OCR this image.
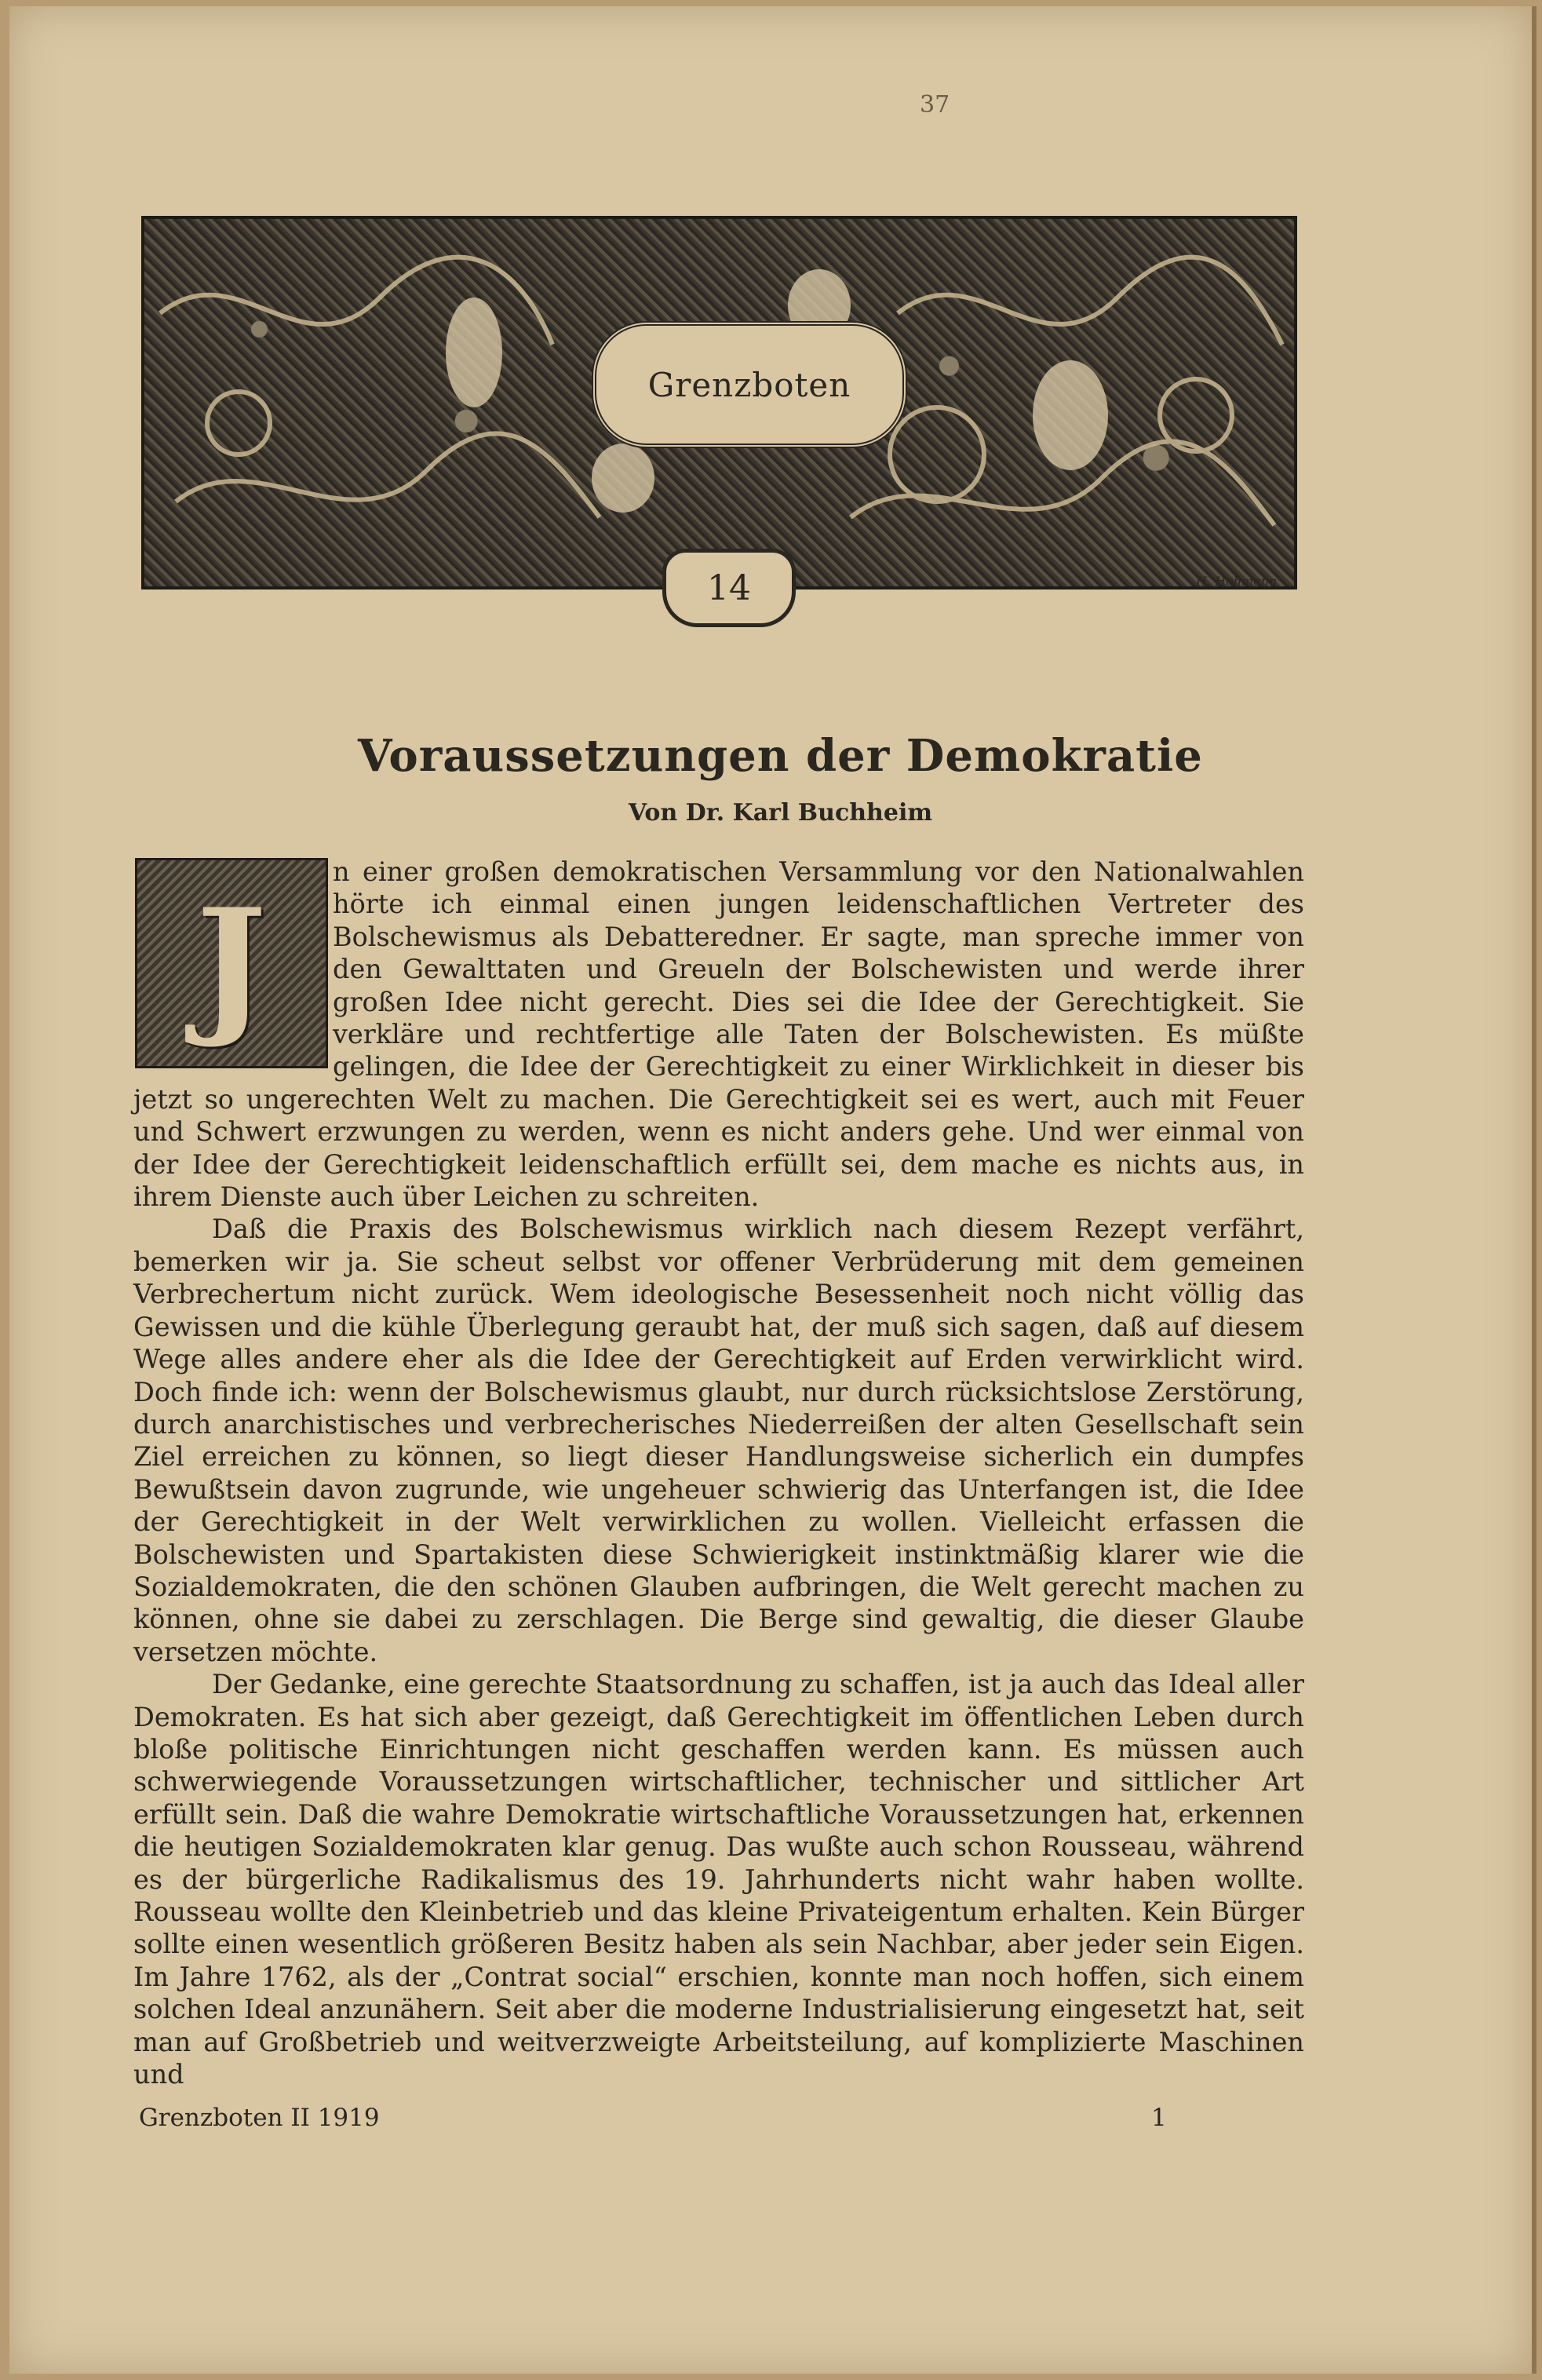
37
Grenzboten
14	H. Hohmann
Voraussetzungen der Demokratie
Von Dr. Karl Buchheim
J

n einer großen demokratischen Versammlung vor den Nationalwahlen hörte ich einmal einen jungen leidenschaftlichen Vertreter des Bolschewismus als Debatteredner. Er sagte, man spreche immer von den Gewalttaten und Greueln der Bolschewisten und werde ihrer großen Idee nicht gerecht. Dies sei die Idee der Gerechtigkeit. Sie verkläre und rechtfertige alle Taten der Bolschewisten. Es müßte gelingen, die Idee der Gerechtigkeit zu einer Wirklichkeit in dieser bis jetzt so ungerechten Welt zu machen. Die Gerechtigkeit sei es wert, auch mit Feuer und Schwert erzwungen zu werden, wenn es nicht anders gehe. Und wer einmal von der Idee der Gerechtigkeit leidenschaftlich erfüllt sei, dem mache es nichts aus, in ihrem Dienste auch über Leichen zu schreiten.

Daß die Praxis des Bolschewismus wirklich nach diesem Rezept verfährt, bemerken wir ja. Sie scheut selbst vor offener Verbrüderung mit dem gemeinen Verbrechertum nicht zurück. Wem ideologische Besessenheit noch nicht völlig das Gewissen und die kühle Überlegung geraubt hat, der muß sich sagen, daß auf diesem Wege alles andere eher als die Idee der Gerechtigkeit auf Erden verwirklicht wird. Doch finde ich: wenn der Bolschewismus glaubt, nur durch rücksichtslose Zerstörung, durch anarchistisches und verbrecherisches Niederreißen der alten Gesellschaft sein Ziel erreichen zu können, so liegt dieser Handlungsweise sicherlich ein dumpfes Bewußtsein davon zugrunde, wie ungeheuer schwierig das Unterfangen ist, die Idee der Gerechtigkeit in der Welt verwirklichen zu wollen. Vielleicht erfassen die Bolschewisten und Spartakisten diese Schwierigkeit instinktmäßig klarer wie die Sozialdemokraten, die den schönen Glauben aufbringen, die Welt gerecht machen zu können, ohne sie dabei zu zerschlagen. Die Berge sind gewaltig, die dieser Glaube versetzen möchte.

Der Gedanke, eine gerechte Staatsordnung zu schaffen, ist ja auch das Ideal aller Demokraten. Es hat sich aber gezeigt, daß Gerechtigkeit im öffentlichen Leben durch bloße politische Einrichtungen nicht geschaffen werden kann. Es müssen auch schwerwiegende Voraussetzungen wirtschaftlicher, technischer und sittlicher Art erfüllt sein. Daß die wahre Demokratie wirtschaftliche Voraussetzungen hat, erkennen die heutigen Sozialdemokraten klar genug. Das wußte auch schon Rousseau, während es der bürgerliche Radikalismus des 19. Jahrhunderts nicht wahr haben wollte. Rousseau wollte den Kleinbetrieb und das kleine Privateigentum erhalten. Kein Bürger sollte einen wesentlich größeren Besitz haben als sein Nachbar, aber jeder sein Eigen. Im Jahre 1762, als der „Contrat social“ erschien, konnte man noch hoffen, sich einem solchen Ideal anzunähern. Seit aber die moderne Industrialisierung eingesetzt hat, seit man auf Großbetrieb und weitverzweigte Arbeitsteilung, auf komplizierte Maschinen und

Grenzboten II 1919	1
